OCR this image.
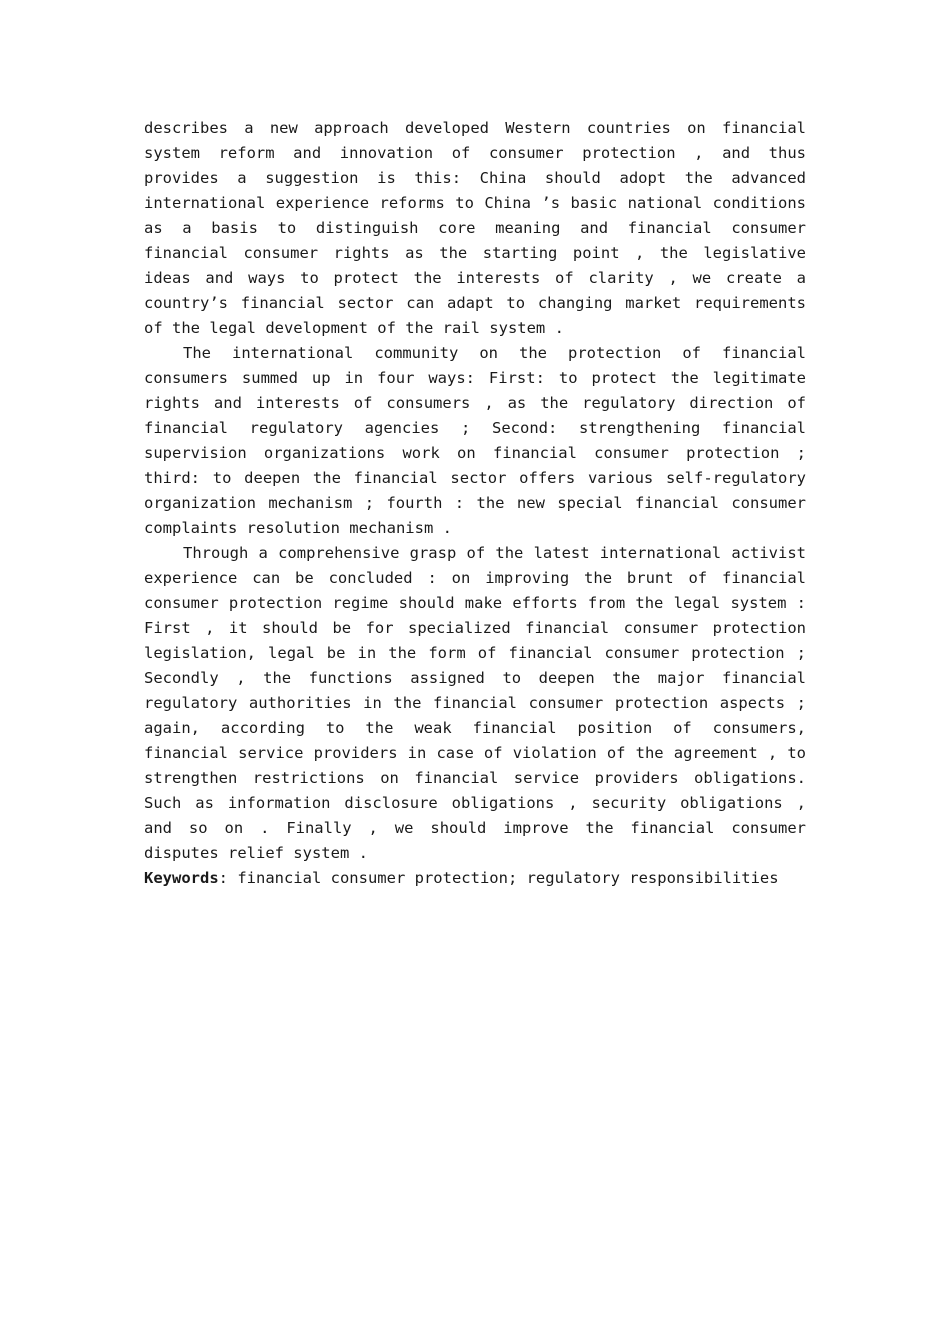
describes a new approach developed Western countries on financial system reform and innovation of consumer protection , and thus provides a suggestion is this: China should adopt the advanced international experience reforms to China ’s basic national conditions as a basis to distinguish core meaning and financial consumer financial consumer rights as the starting point , the legislative ideas and ways to protect the interests of clarity , we create a country’s financial sector can adapt to changing market requirements of the legal development of the rail system .

The international community on the protection of financial consumers summed up in four ways: First: to protect the legitimate rights and interests of consumers , as the regulatory direction of financial regulatory agencies ; Second: strengthening financial supervision organizations work on financial consumer protection ; third: to deepen the financial sector offers various self-regulatory organization mechanism ; fourth : the new special financial consumer complaints resolution mechanism .

Through a comprehensive grasp of the latest international activist experience can be concluded : on improving the brunt of financial consumer protection regime should make efforts from the legal system : First , it should be for specialized financial consumer protection legislation, legal be in the form of financial consumer protection ; Secondly , the functions assigned to deepen the major financial regulatory authorities in the financial consumer protection aspects ; again, according to the weak financial position of consumers, financial service providers in case of violation of the agreement , to strengthen restrictions on financial service providers obligations. Such as information disclosure obligations , security obligations , and so on . Finally , we should improve the financial consumer disputes relief system .

Keywords: financial consumer protection; regulatory responsibilities
